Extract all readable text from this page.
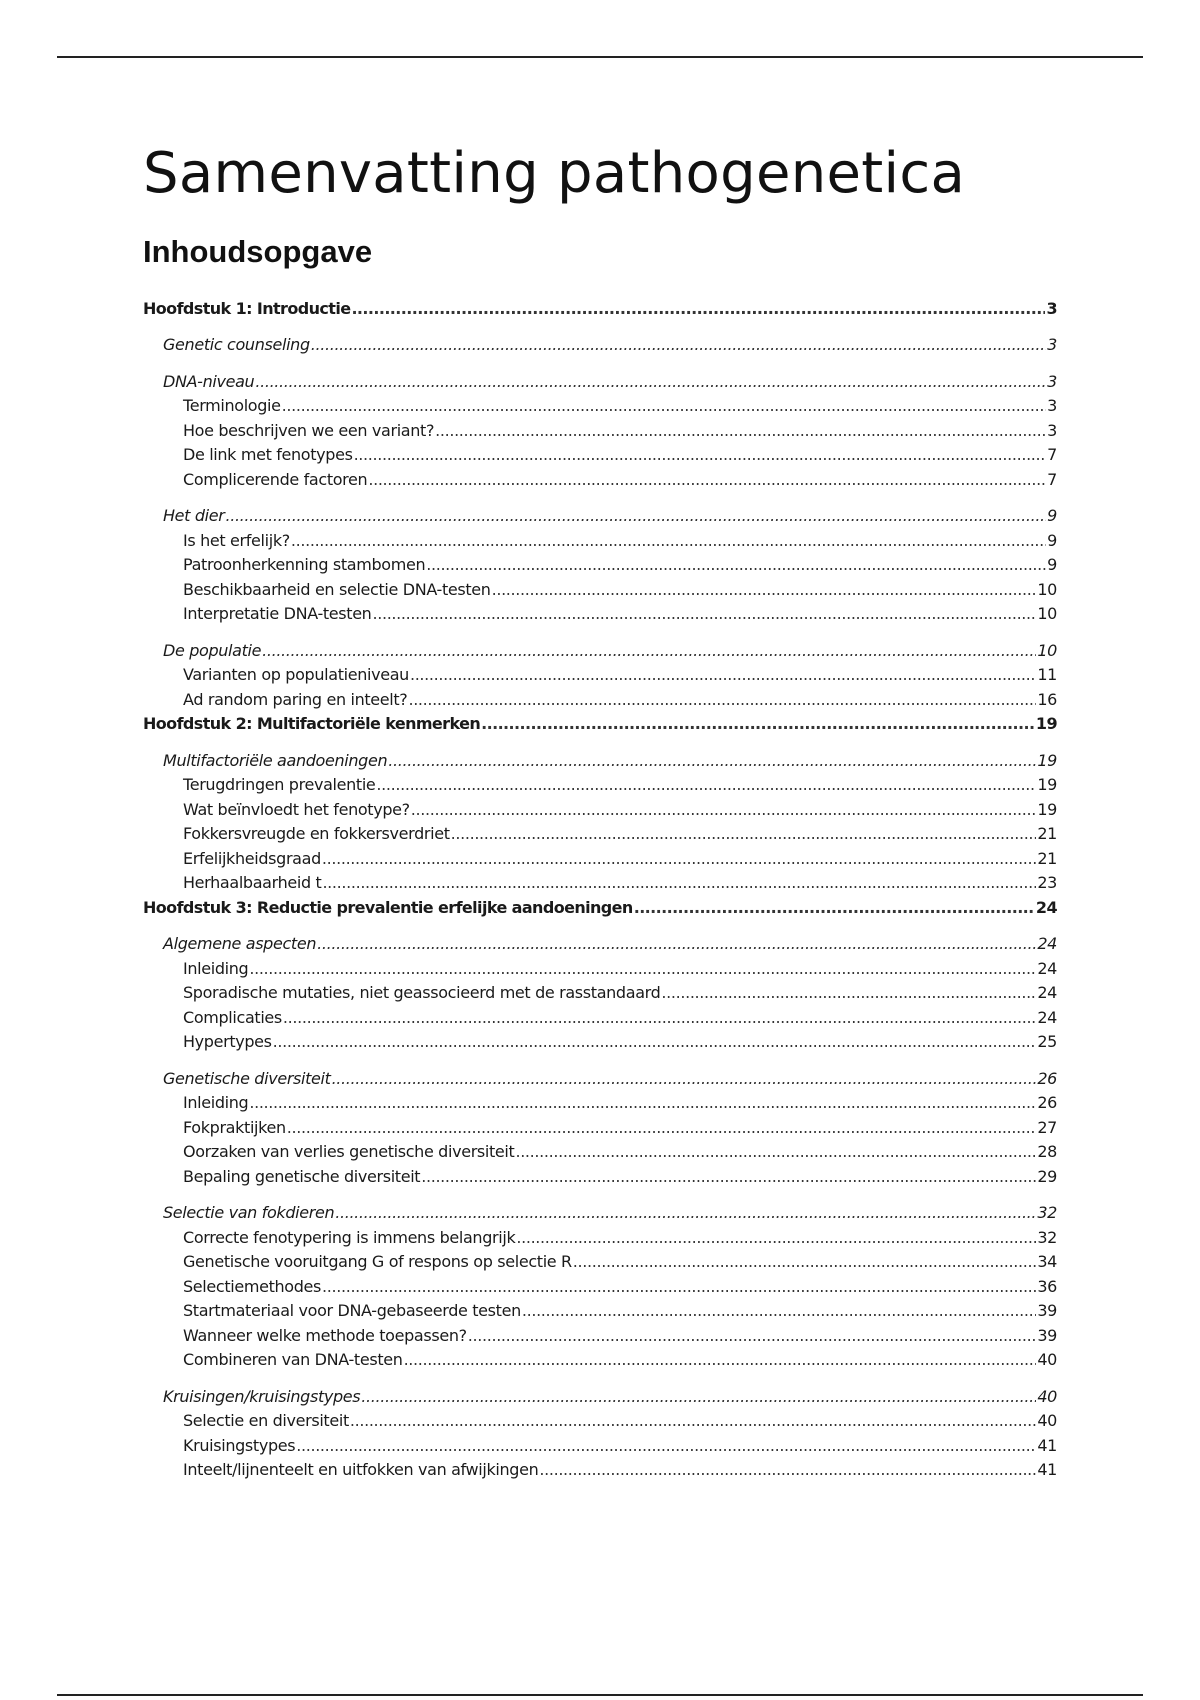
Samenvatting pathogenetica
Inhoudsopgave
Hoofdstuk 1: Introductie .....	3
Genetic counseling .....	3
DNA-niveau .....	3
Terminologie .....	3
Hoe beschrijven we een variant? .....	3
De link met fenotypes .....	7
Complicerende factoren .....	7
Het dier .....	9
Is het erfelijk? .....	9
Patroonherkenning stambomen .....	9
Beschikbaarheid en selectie DNA-testen .....	10
Interpretatie DNA-testen .....	10
De populatie .....	10
Varianten op populatieniveau .....	11
Ad random paring en inteelt? .....	16
Hoofdstuk 2: Multifactoriële kenmerken .....	19
Multifactoriële aandoeningen .....	19
Terugdringen prevalentie .....	19
Wat beïnvloedt het fenotype? .....	19
Fokkersvreugde en fokkersverdriet .....	21
Erfelijkheidsgraad .....	21
Herhaalbaarheid t .....	23
Hoofdstuk 3: Reductie prevalentie erfelijke aandoeningen .....	24
Algemene aspecten .....	24
Inleiding .....	24
Sporadische mutaties, niet geassocieerd met de rasstandaard .....	24
Complicaties .....	24
Hypertypes .....	25
Genetische diversiteit .....	26
Inleiding .....	26
Fokpraktijken .....	27
Oorzaken van verlies genetische diversiteit .....	28
Bepaling genetische diversiteit .....	29
Selectie van fokdieren .....	32
Correcte fenotypering is immens belangrijk .....	32
Genetische vooruitgang G of respons op selectie R .....	34
Selectiemethodes .....	36
Startmateriaal voor DNA-gebaseerde testen .....	39
Wanneer welke methode toepassen? .....	39
Combineren van DNA-testen .....	40
Kruisingen/kruisingstypes .....	40
Selectie en diversiteit .....	40
Kruisingstypes .....	41
Inteelt/lijnenteelt en uitfokken van afwijkingen .....	41
